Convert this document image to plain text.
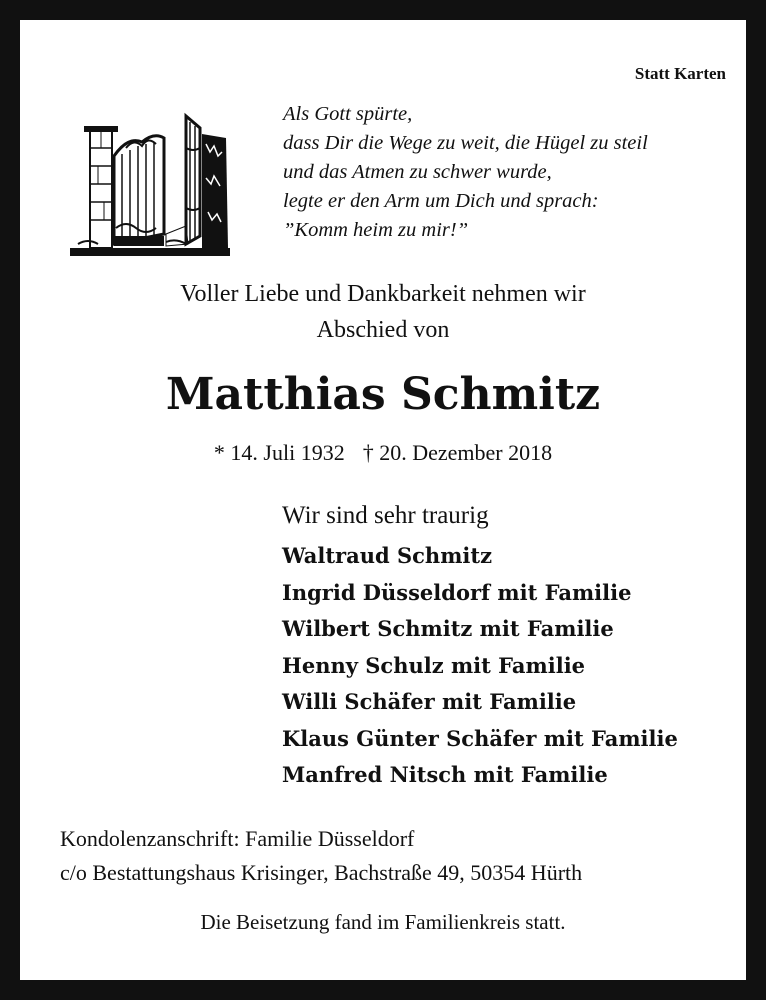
Statt Karten
Als Gott spürte,
dass Dir die Wege zu weit, die Hügel zu steil
und das Atmen zu schwer wurde,
legte er den Arm um Dich und sprach:
”Komm heim zu mir!”
Voller Liebe und Dankbarkeit nehmen wir
Abschied von
Matthias Schmitz
* 14. Juli 1932 † 20. Dezember 2018
Wir sind sehr traurig
Waltraud Schmitz
Ingrid Düsseldorf mit Familie
Wilbert Schmitz mit Familie
Henny Schulz mit Familie
Willi Schäfer mit Familie
Klaus Günter Schäfer mit Familie
Manfred Nitsch mit Familie
Kondolenzanschrift: Familie Düsseldorf
c/o Bestattungshaus Krisinger, Bachstraße 49, 50354 Hürth
Die Beisetzung fand im Familienkreis statt.
